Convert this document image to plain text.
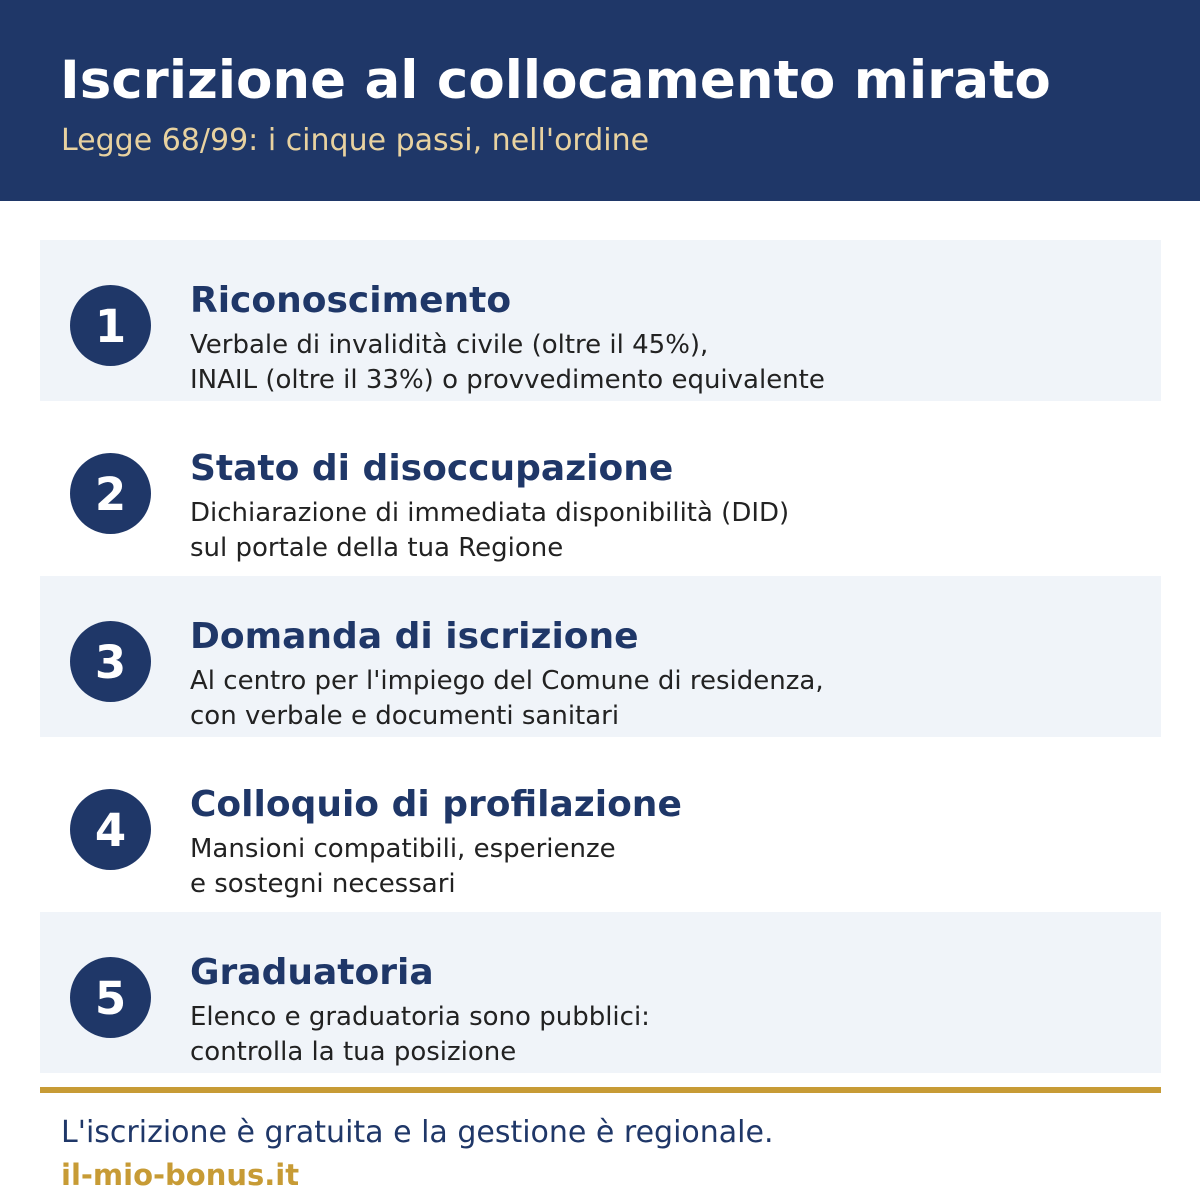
Iscrizione al collocamento mirato
Legge 68/99: i cinque passi, nell'ordine
1	Riconoscimento
Verbale di invalidità civile (oltre il 45%),
INAIL (oltre il 33%) o provvedimento equivalente
2	Stato di disoccupazione
Dichiarazione di immediata disponibilità (DID)
sul portale della tua Regione
3	Domanda di iscrizione
Al centro per l'impiego del Comune di residenza,
con verbale e documenti sanitari
4	Colloquio di profilazione
Mansioni compatibili, esperienze
e sostegni necessari
5	Graduatoria
Elenco e graduatoria sono pubblici:
controlla la tua posizione
L'iscrizione è gratuita e la gestione è regionale.
il-mio-bonus.it
